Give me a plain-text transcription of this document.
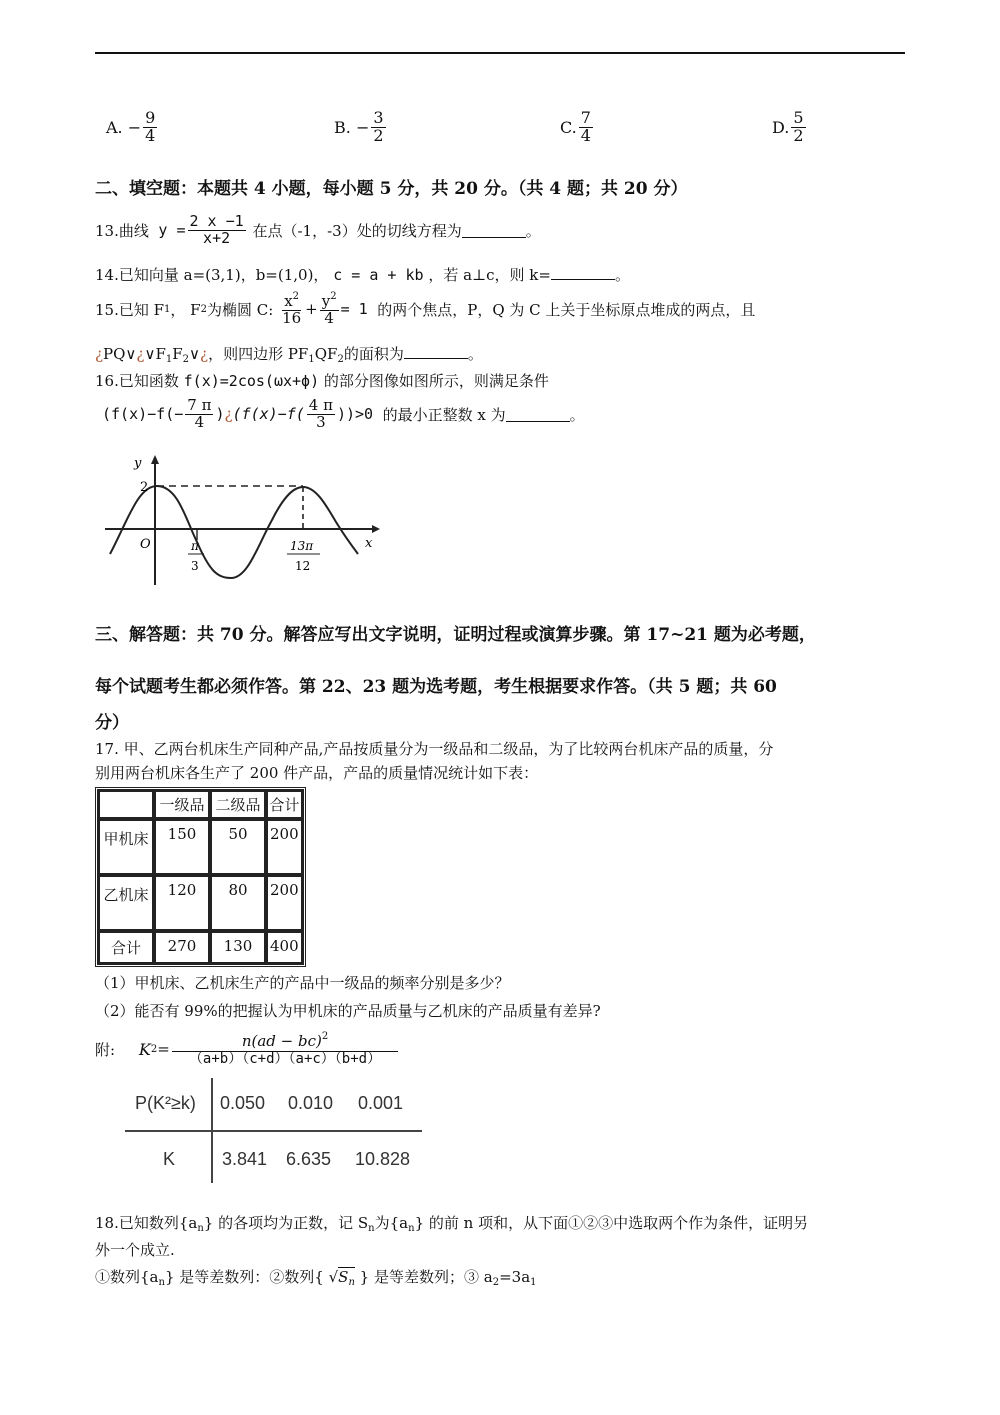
A.
− $\frac{9}{4}$	B.
− $\frac{3}{2}$	C. $\frac{7}{4}$	D. $\frac{5}{2}$
二、填空题：本题共 4 小题，每小题 5 分，共 20 分。（共 4 题；共 20 分）
13.曲线
$y = \frac{2 x -1}{x+2}$
在点（-1，-3）处的切线方程为	。
14.已知向量 a=(3,1)，b=(1,0)， c = a + kb ，若 a⊥c，则 k=	。
15.已知 F 1 ， F 2 为椭圆 C:
$\frac{x^2}{16} + \frac{y^2}{4} = 1$
的两个焦点，P，Q 为 C 上关于坐标原点堆成的两点，且
¿$PQ\vee¿\vee F_1F_2\vee¿$，则四边形 $PF_1QF_2$的面积为	。
16.已知函数 f(x)=2cos(ωx+ϕ) 的部分图像如图所示，则满足条件
($f(x)-f(- \frac{7 \pi}{4}$ ) ¿ $(f(x)-f( \frac{4 \pi}{3} ))>0$
的最小正整数 x 为	。
y
x
O
2
π
3
13π
12
三、解答题：共 70 分。解答应写出文字说明，证明过程或演算步骤。第 17~21 题为必考题，
每个试题考生都必须作答。第 22、23 题为选考题，考生根据要求作答。（共 5 题；共 60
分）
17. 甲、乙两台机床生产同种产品,产品按质量分为一级品和二级品，为了比较两台机床产品的质量，分
别用两台机床各生产了 200 件产品，产品的质量情况统计如下表：
	一级品	二级品	合计
甲机床	150	50	200
乙机床	120	80	200
合计	270	130	400
（1）甲机床、乙机床生产的产品中一级品的频率分别是多少？
（2）能否有 99%的把握认为甲机床的产品质量与乙机床的产品质量有差异?
附:
K $2 = \frac{n(ad - bc)^2}{(a+b)(c+d)(a+c)(b+d)}$
P(K²≥k) 0.050 0.010 0.001
K	3.841 6.635 10.828
18.已知数列$\{a_n\}$ 的各项均为正数，记 $S_n$为$\{a_n\}$ 的前 n 项和，从下面①②③中选取两个作为条件，证明另
外一个成立.
①数列$\{a_n\}$ 是等差数列：②数列{ $√S_n$ } 是等差数列；③ $a_2=3a_1$
